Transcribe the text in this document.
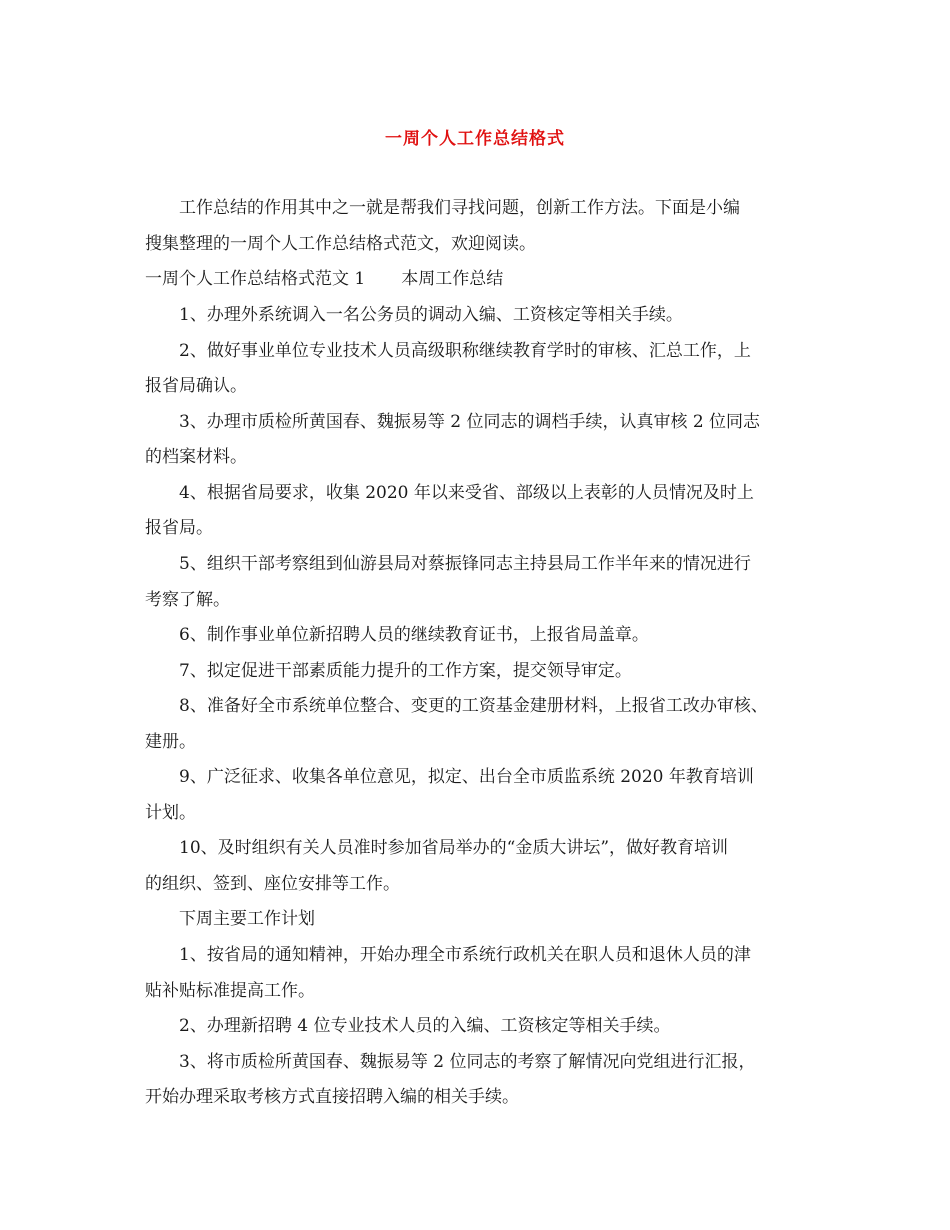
一周个人工作总结格式
工作总结的作用其中之一就是帮我们寻找问题，创新工作方法。下面是小编
搜集整理的一周个人工作总结格式范文，欢迎阅读。
一周个人工作总结格式范文 1 本周工作总结
1、办理外系统调入一名公务员的调动入编、工资核定等相关手续。
2、做好事业单位专业技术人员高级职称继续教育学时的审核、汇总工作，上
报省局确认。
3、办理市质检所黄国春、魏振易等 2 位同志的调档手续，认真审核 2 位同志
的档案材料。
4、根据省局要求，收集 2020 年以来受省、部级以上表彰的人员情况及时上
报省局。
5、组织干部考察组到仙游县局对蔡振锋同志主持县局工作半年来的情况进行
考察了解。
6、制作事业单位新招聘人员的继续教育证书，上报省局盖章。
7、拟定促进干部素质能力提升的工作方案，提交领导审定。
8、准备好全市系统单位整合、变更的工资基金建册材料，上报省工改办审核、
建册。
9、广泛征求、收集各单位意见，拟定、出台全市质监系统 2020 年教育培训
计划。
10、及时组织有关人员准时参加省局举办的“金质大讲坛”，做好教育培训
的组织、签到、座位安排等工作。
下周主要工作计划
1、按省局的通知精神，开始办理全市系统行政机关在职人员和退休人员的津
贴补贴标准提高工作。
2、办理新招聘 4 位专业技术人员的入编、工资核定等相关手续。
3、将市质检所黄国春、魏振易等 2 位同志的考察了解情况向党组进行汇报，
开始办理采取考核方式直接招聘入编的相关手续。
